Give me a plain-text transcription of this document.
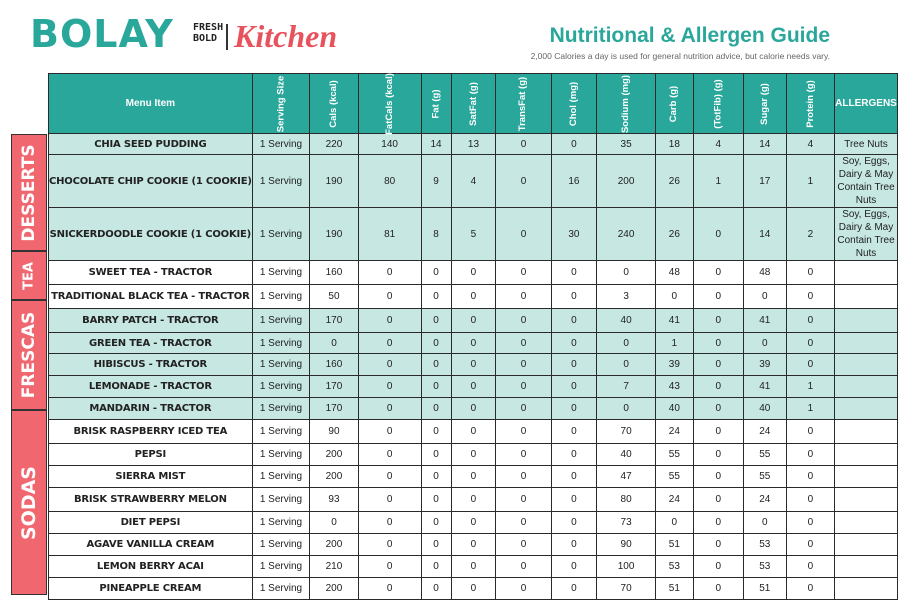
BOLAY FRESH
BOLD Kitchen	Nutritional & Allergen Guide
2,000 Calories a day is used for general nutrition advice, but calorie needs vary.
DESSERTS
TEA
FRESCAS
SODAS
Menu Item	Serving Size	Cals (kcal)	FatCals (kcal)	Fat (g)	SatFat (g)	TransFat (g)	Chol (mg)	Sodium (mg)	Carb (g)	(TotFib) (g)	Sugar (g)	Protein (g)	ALLERGENS
CHIA SEED PUDDING	1 Serving	220	140	14	13	0	0	35	18	4	14	4	Tree Nuts
CHOCOLATE CHIP COOKIE (1 COOKIE)	1 Serving	190	80	9	4	0	16	200	26	1	17	1	Soy, Eggs, Dairy & May Contain Tree Nuts
SNICKERDOODLE COOKIE (1 COOKIE)	1 Serving	190	81	8	5	0	30	240	26	0	14	2	Soy, Eggs, Dairy & May Contain Tree Nuts
SWEET TEA - TRACTOR	1 Serving	160	0	0	0	0	0	0	48	0	48	0	
TRADITIONAL BLACK TEA - TRACTOR	1 Serving	50	0	0	0	0	0	3	0	0	0	0	
BARRY PATCH - TRACTOR	1 Serving	170	0	0	0	0	0	40	41	0	41	0	
GREEN TEA - TRACTOR	1 Serving	0	0	0	0	0	0	0	1	0	0	0	
HIBISCUS - TRACTOR	1 Serving	160	0	0	0	0	0	0	39	0	39	0	
LEMONADE - TRACTOR	1 Serving	170	0	0	0	0	0	7	43	0	41	1	
MANDARIN - TRACTOR	1 Serving	170	0	0	0	0	0	0	40	0	40	1	
BRISK RASPBERRY ICED TEA	1 Serving	90	0	0	0	0	0	70	24	0	24	0	
PEPSI	1 Serving	200	0	0	0	0	0	40	55	0	55	0	
SIERRA MIST	1 Serving	200	0	0	0	0	0	47	55	0	55	0	
BRISK STRAWBERRY MELON	1 Serving	93	0	0	0	0	0	80	24	0	24	0	
DIET PEPSI	1 Serving	0	0	0	0	0	0	73	0	0	0	0	
AGAVE VANILLA CREAM	1 Serving	200	0	0	0	0	0	90	51	0	53	0	
LEMON BERRY ACAI	1 Serving	210	0	0	0	0	0	100	53	0	53	0	
PINEAPPLE CREAM	1 Serving	200	0	0	0	0	0	70	51	0	51	0	
